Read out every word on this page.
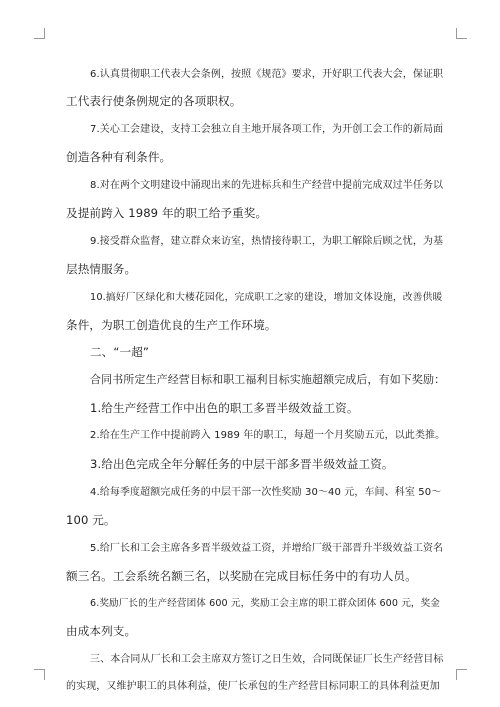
6.认真贯彻职工代表大会条例，按照《规范》要求，开好职工代表大会，保证职
工代表行使条例规定的各项职权。
7.关心工会建设，支持工会独立自主地开展各项工作，为开创工会工作的新局面
创造各种有利条件。
8.对在两个文明建设中涌现出来的先进标兵和生产经营中提前完成双过半任务以
及提前跨入 1989 年的职工给予重奖。
9.接受群众监督，建立群众来访室，热情接待职工，为职工解除后顾之忧，为基
层热情服务。
10.搞好厂区绿化和大楼花园化，完成职工之家的建设，增加文体设施，改善供暖
条件，为职工创造优良的生产工作环境。
二、“一超”
合同书所定生产经营目标和职工福利目标实施超额完成后，有如下奖励：
1.给生产经营工作中出色的职工多晋半级效益工资。
2.给在生产工作中提前跨入 1989 年的职工，每超一个月奖励五元，以此类推。
3.给出色完成全年分解任务的中层干部多晋半级效益工资。
4.给每季度超额完成任务的中层干部一次性奖励 30～40 元，车间、科室 50～
100 元。
5.给厂长和工会主席各多晋半级效益工资，并增给厂级干部晋升半级效益工资名
额三名。工会系统名额三名，以奖励在完成目标任务中的有功人员。
6.奖励厂长的生产经营团体 600 元，奖励工会主席的职工群众团体 600 元，奖金
由成本列支。
三、本合同从厂长和工会主席双方签订之日生效，合同既保证厂长生产经营目标
的实现，又维护职工的具体利益，使厂长承包的生产经营目标同职工的具体利益更加
